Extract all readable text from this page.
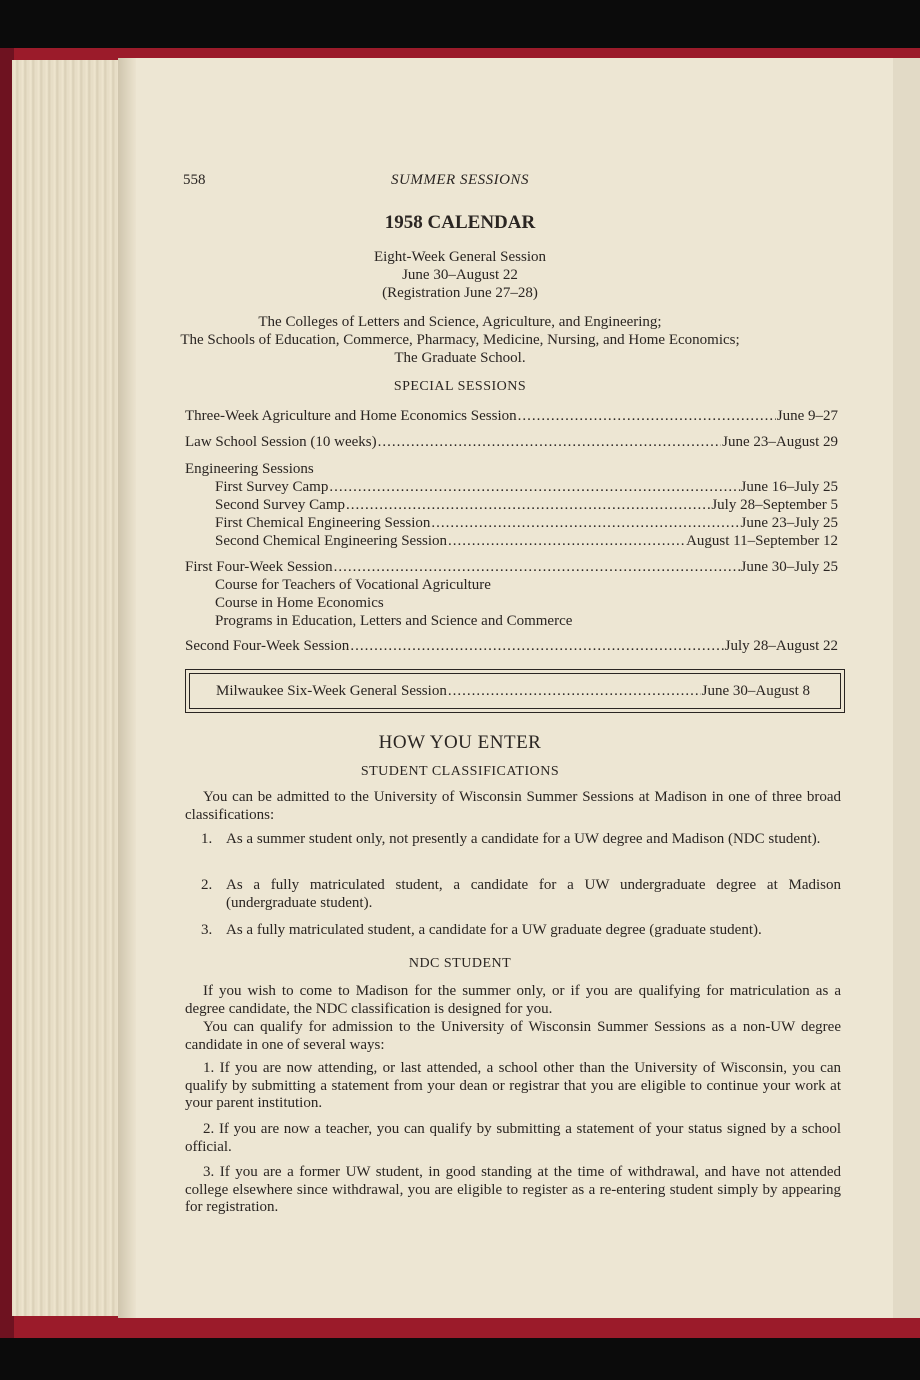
558	SUMMER SESSIONS
1958 CALENDAR
Eight-Week General Session
June 30–August 22
(Registration June 27–28)
The Colleges of Letters and Science, Agriculture, and Engineering;
The Schools of Education, Commerce, Pharmacy, Medicine, Nursing, and Home Economics;
The Graduate School.
SPECIAL SESSIONS
Three-Week Agriculture and Home Economics Session .....	June 9–27
Law School Session (10 weeks) .....	June 23–August 29
Engineering Sessions
First Survey Camp .....	June 16–July 25
Second Survey Camp .....	July 28–September 5
First Chemical Engineering Session .....	June 23–July 25
Second Chemical Engineering Session .....	August 11–September 12
First Four-Week Session .....	June 30–July 25
Course for Teachers of Vocational Agriculture
Course in Home Economics
Programs in Education, Letters and Science and Commerce
Second Four-Week Session .....	July 28–August 22
Milwaukee Six-Week General Session .....	June 30–August 8
HOW YOU ENTER
STUDENT CLASSIFICATIONS
You can be admitted to the University of Wisconsin Summer Sessions at Madison in one of three broad classifications:
1. As a summer student only, not presently a candidate for a UW degree and Madison (NDC student).
2. As a fully matriculated student, a candidate for a UW undergraduate degree at Madison (undergraduate student).
3. As a fully matriculated student, a candidate for a UW graduate degree (graduate student).
NDC STUDENT
If you wish to come to Madison for the summer only, or if you are qualifying for matriculation as a degree candidate, the NDC classification is designed for you.
You can qualify for admission to the University of Wisconsin Summer Sessions as a non-UW degree candidate in one of several ways:
1. If you are now attending, or last attended, a school other than the University of Wisconsin, you can qualify by submitting a statement from your dean or registrar that you are eligible to continue your work at your parent institution.
2. If you are now a teacher, you can qualify by submitting a statement of your status signed by a school official.
3. If you are a former UW student, in good standing at the time of withdrawal, and have not attended college elsewhere since withdrawal, you are eligible to register as a re-entering student simply by appearing for registration.
